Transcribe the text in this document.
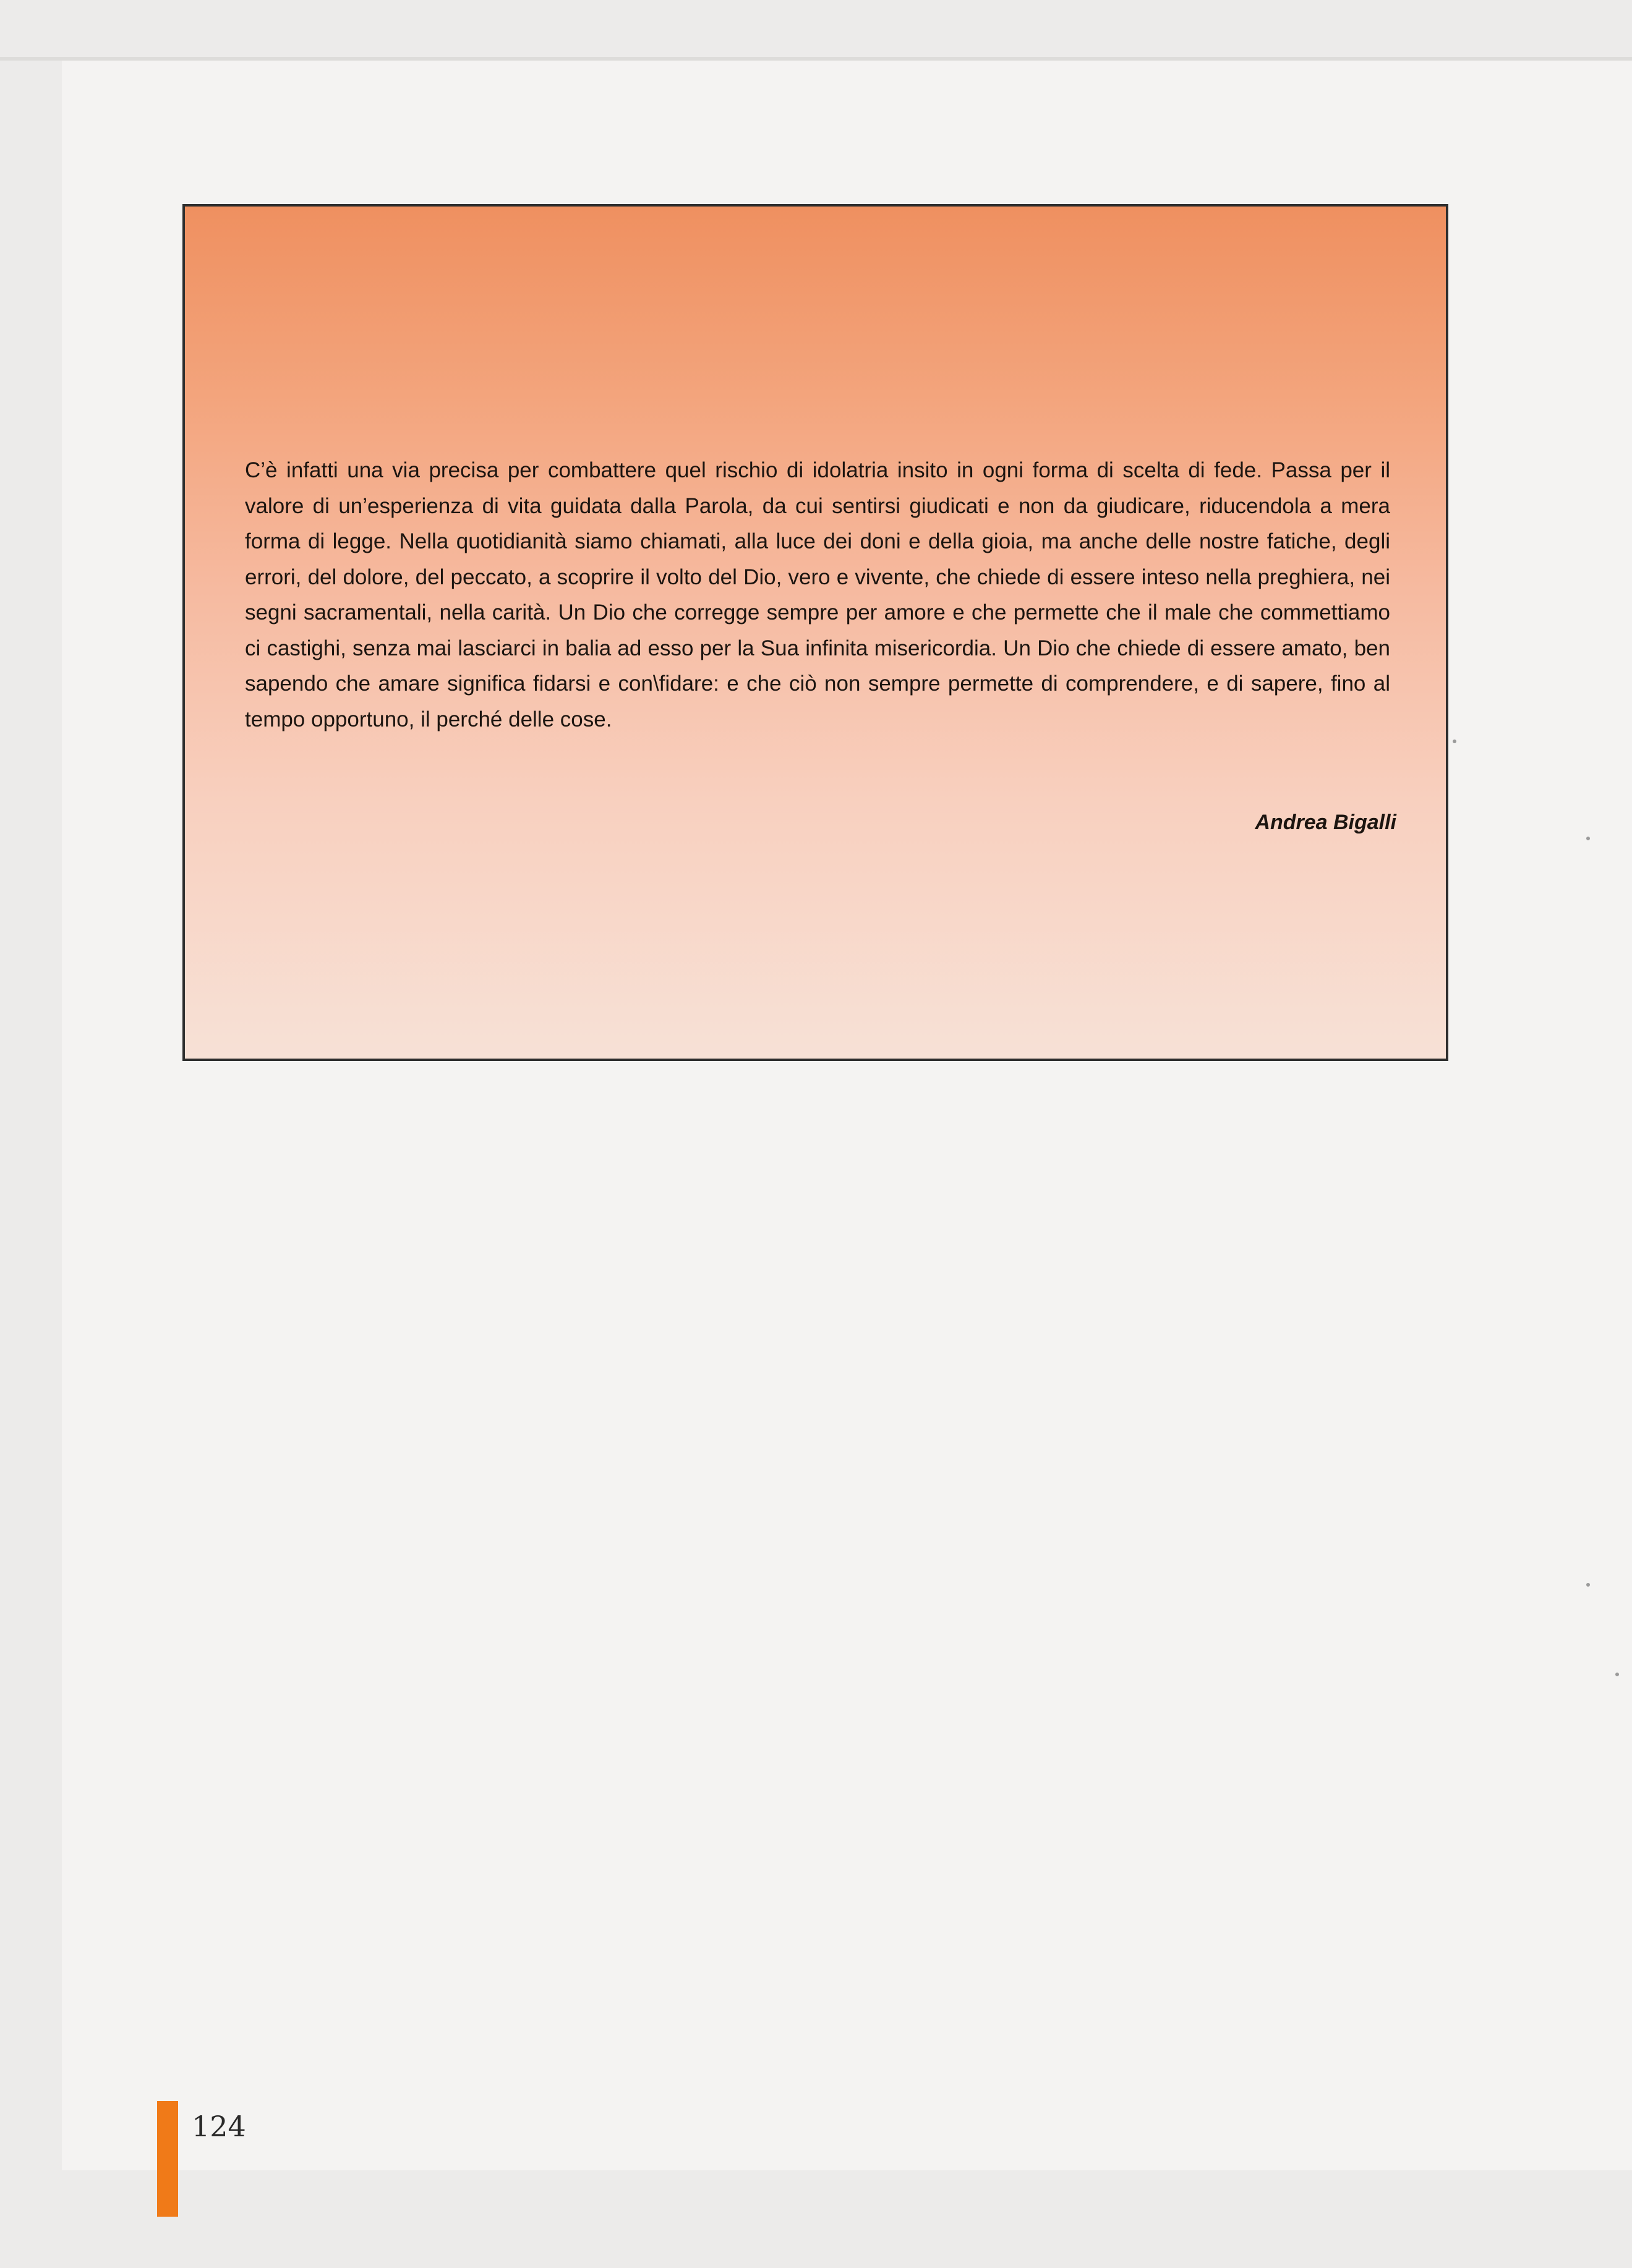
C’è infatti una via precisa per combattere quel rischio di idolatria insito in ogni forma di scelta di fede. Passa per il valore di un’esperienza di vita guidata dalla Parola, da cui sentirsi giudicati e non da giudicare, riducendola a mera forma di legge. Nella quotidianità siamo chiamati, alla luce dei doni e della gioia, ma anche delle nostre fatiche, degli errori, del dolore, del peccato, a scoprire il volto del Dio, vero e vivente, che chiede di essere inteso nella preghiera, nei segni sacramentali, nella carità. Un Dio che corregge sempre per amore e che permette che il male che commettiamo ci castighi, senza mai lasciarci in balia ad esso per la Sua infinita misericordia. Un Dio che chiede di essere amato, ben sapendo che amare significa fidarsi e con\fidare: e che ciò non sempre permette di comprendere, e di sapere, fino al tempo opportuno, il perché delle cose.

Andrea Bigalli

124
